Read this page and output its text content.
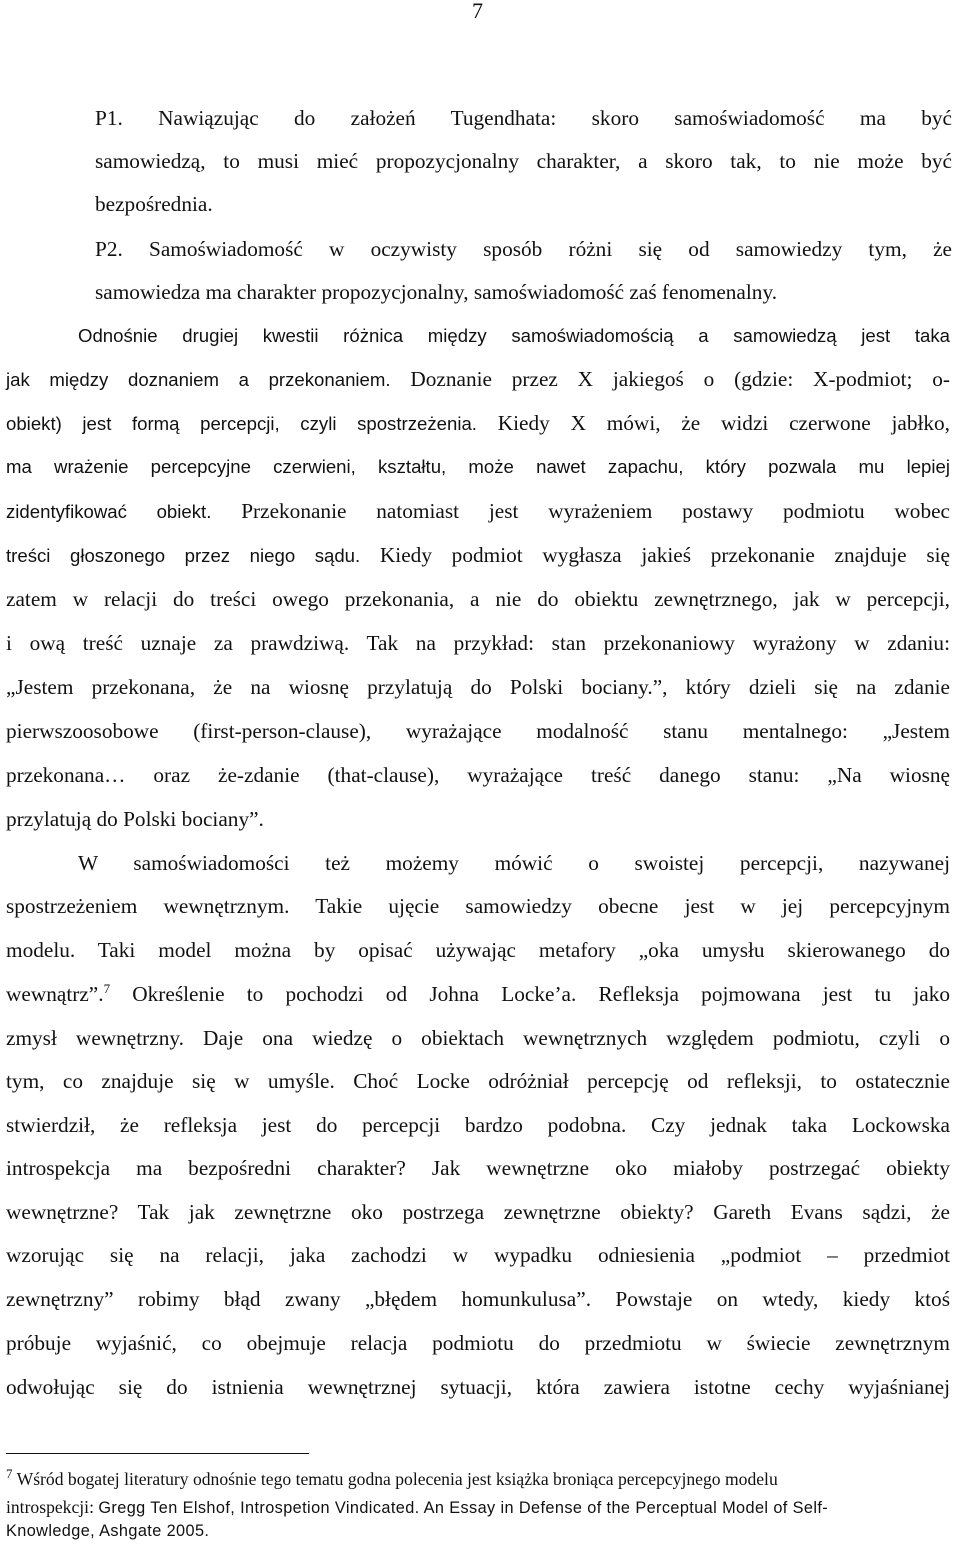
7
P1. Nawiązując do założeń Tugendhata: skoro samoświadomość ma być
samowiedzą, to musi mieć propozycjonalny charakter, a skoro tak, to nie może być
bezpośrednia.
P2. Samoświadomość w oczywisty sposób różni się od samowiedzy tym, że
samowiedza ma charakter propozycjonalny, samoświadomość zaś fenomenalny.
Odnośnie drugiej kwestii różnica między samoświadomością a samowiedzą jest taka
jak między doznaniem a przekonaniem. Doznanie przez X jakiegoś o (gdzie: X-podmiot; o-
obiekt) jest formą percepcji, czyli spostrzeżenia. Kiedy X mówi, że widzi czerwone jabłko,
ma wrażenie percepcyjne czerwieni, kształtu, może nawet zapachu, który pozwala mu lepiej
zidentyfikować obiekt. Przekonanie natomiast jest wyrażeniem postawy podmiotu wobec
treści głoszonego przez niego sądu. Kiedy podmiot wygłasza jakieś przekonanie znajduje się
zatem w relacji do treści owego przekonania, a nie do obiektu zewnętrznego, jak w percepcji,
i ową treść uznaje za prawdziwą. Tak na przykład: stan przekonaniowy wyrażony w zdaniu:
„Jestem przekonana, że na wiosnę przylatują do Polski bociany.”, który dzieli się na zdanie
pierwszoosobowe (first-person-clause), wyrażające modalność stanu mentalnego: „Jestem
przekonana… oraz że-zdanie (that-clause), wyrażające treść danego stanu: „Na wiosnę
przylatują do Polski bociany”.
W samoświadomości też możemy mówić o swoistej percepcji, nazywanej
spostrzeżeniem wewnętrznym. Takie ujęcie samowiedzy obecne jest w jej percepcyjnym
modelu. Taki model można by opisać używając metafory „oka umysłu skierowanego do
wewnątrz”.$^7$ Określenie to pochodzi od Johna Locke’a. Refleksja pojmowana jest tu jako
zmysł wewnętrzny. Daje ona wiedzę o obiektach wewnętrznych względem podmiotu, czyli o
tym, co znajduje się w umyśle. Choć Locke odróżniał percepcję od refleksji, to ostatecznie
stwierdził, że refleksja jest do percepcji bardzo podobna. Czy jednak taka Lockowska
introspekcja ma bezpośredni charakter? Jak wewnętrzne oko miałoby postrzegać obiekty
wewnętrzne? Tak jak zewnętrzne oko postrzega zewnętrzne obiekty? Gareth Evans sądzi, że
wzorując się na relacji, jaka zachodzi w wypadku odniesienia „podmiot – przedmiot
zewnętrzny” robimy błąd zwany „błędem homunkulusa”. Powstaje on wtedy, kiedy ktoś
próbuje wyjaśnić, co obejmuje relacja podmiotu do przedmiotu w świecie zewnętrznym
odwołując się do istnienia wewnętrznej sytuacji, która zawiera istotne cechy wyjaśnianej
$^7$ Wśród bogatej literatury odnośnie tego tematu godna polecenia jest książka broniąca percepcyjnego modelu
introspekcji: Gregg Ten Elshof, Introspetion Vindicated. An Essay in Defense of the Perceptual Model of Self-
Knowledge, Ashgate 2005.
